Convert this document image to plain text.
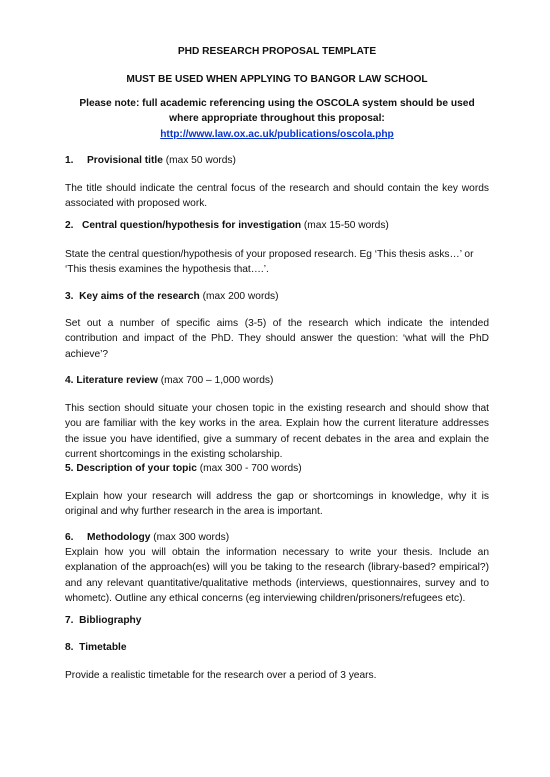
PHD RESEARCH PROPOSAL TEMPLATE

MUST BE USED WHEN APPLYING TO BANGOR LAW SCHOOL

Please note: full academic referencing using the OSCOLA system should be used where appropriate throughout this proposal: http://www.law.ox.ac.uk/publications/oscola.php

1. Provisional title (max 50 words)

The title should indicate the central focus of the research and should contain the key words associated with proposed work.

2. Central question/hypothesis for investigation (max 15-50 words)

State the central question/hypothesis of your proposed research. Eg ‘This thesis asks…’ or ‘This thesis examines the hypothesis that….’.

3. Key aims of the research (max 200 words)

Set out a number of specific aims (3-5) of the research which indicate the intended contribution and impact of the PhD. They should answer the question: ‘what will the PhD achieve’?

4. Literature review (max 700 – 1,000 words)

This section should situate your chosen topic in the existing research and should show that you are familiar with the key works in the area. Explain how the current literature addresses the issue you have identified, give a summary of recent debates in the area and explain the current shortcomings in the existing scholarship.

5. Description of your topic (max 300 - 700 words)

Explain how your research will address the gap or shortcomings in knowledge, why it is original and why further research in the area is important.

6. Methodology (max 300 words)

Explain how you will obtain the information necessary to write your thesis. Include an explanation of the approach(es) will you be taking to the research (library-based? empirical?) and any relevant quantitative/qualitative methods (interviews, questionnaires, survey and to whometc). Outline any ethical concerns (eg interviewing children/prisoners/refugees etc).

7. Bibliography

8. Timetable

Provide a realistic timetable for the research over a period of 3 years.
